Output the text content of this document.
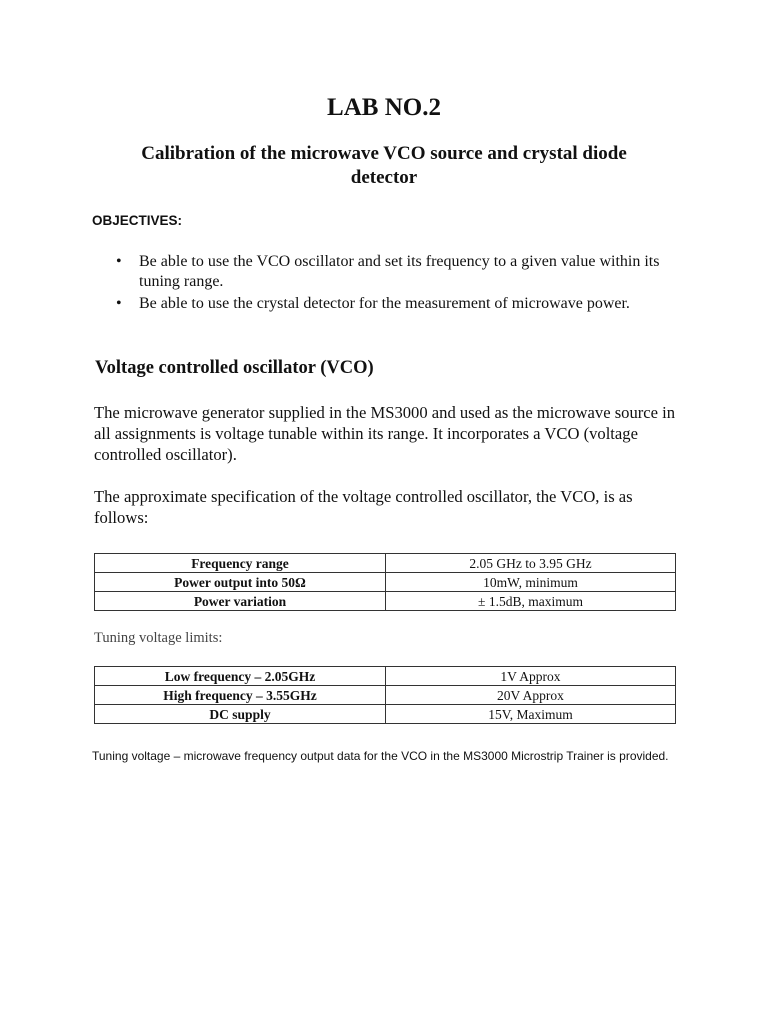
LAB NO.2
Calibration of the microwave VCO source and crystal diode detector
OBJECTIVES:
• Be able to use the VCO oscillator and set its frequency to a given value within its tuning range.
• Be able to use the crystal detector for the measurement of microwave power.
Voltage controlled oscillator (VCO)
The microwave generator supplied in the MS3000 and used as the microwave source in all assignments is voltage tunable within its range. It incorporates a VCO (voltage controlled oscillator).
The approximate specification of the voltage controlled oscillator, the VCO, is as follows:
Frequency range	2.05 GHz to 3.95 GHz
Power output into 50Ω	10mW, minimum
Power variation	± 1.5dB, maximum
Tuning voltage limits:
Low frequency – 2.05GHz	1V Approx
High frequency – 3.55GHz	20V Approx
DC supply	15V, Maximum
Tuning voltage – microwave frequency output data for the VCO in the MS3000 Microstrip Trainer is provided.
